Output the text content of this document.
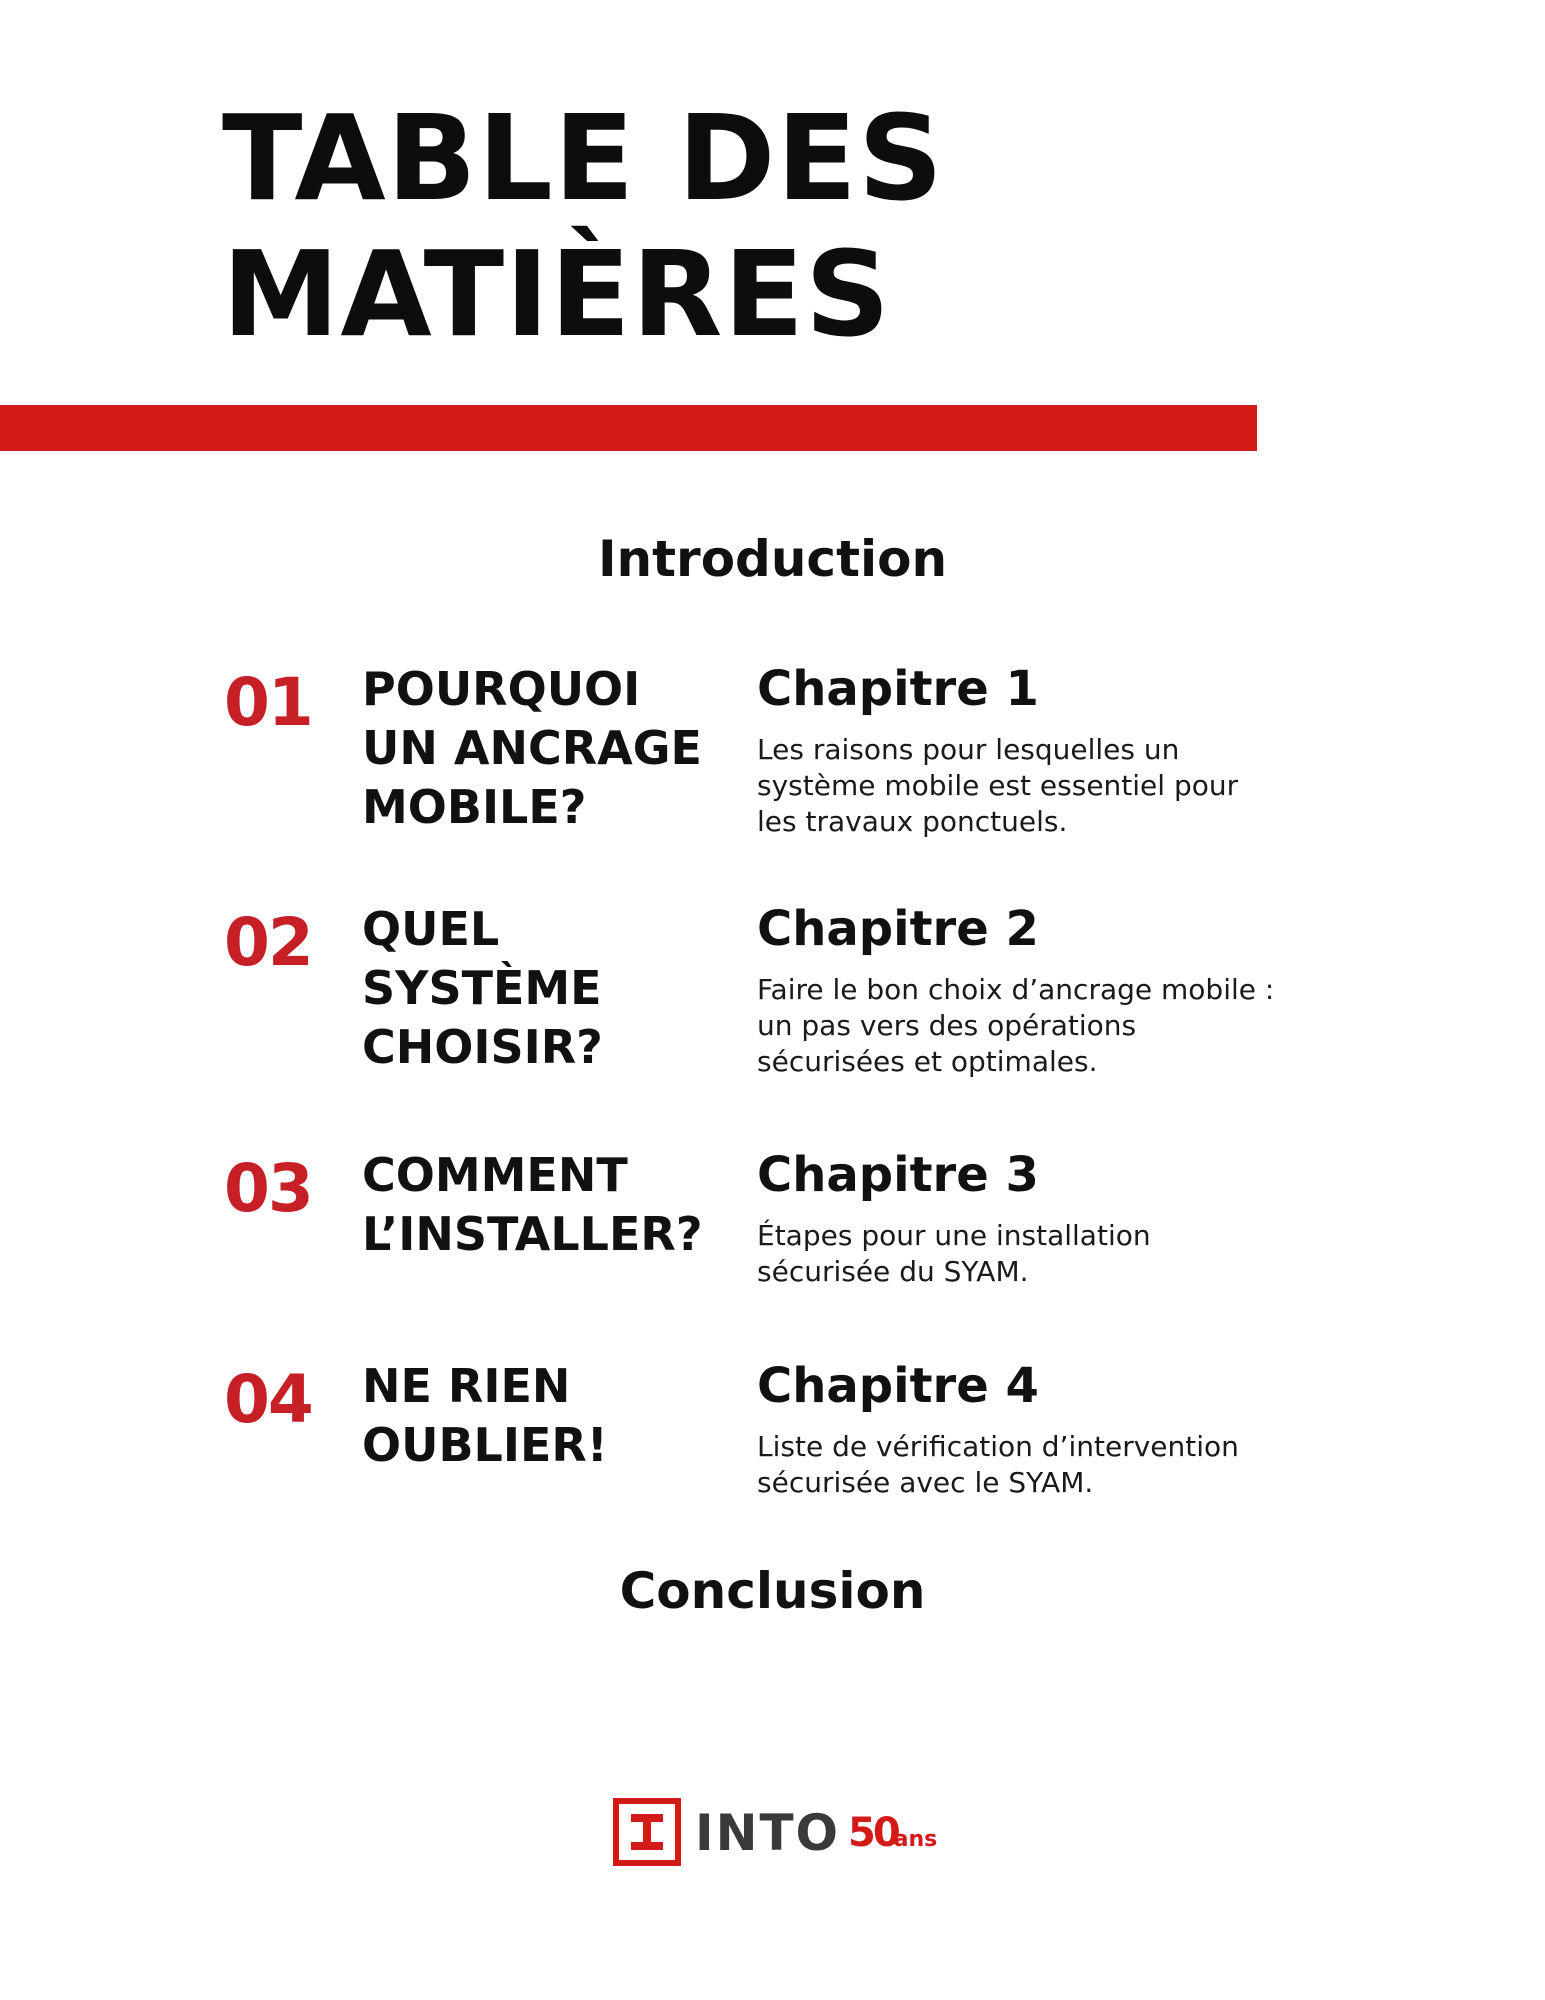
TABLE DES
MATIÈRES
Introduction
01 POURQUOI
UN ANCRAGE
MOBILE?
Chapitre 1
Les raisons pour lesquelles un
système mobile est essentiel pour
les travaux ponctuels.
02 QUEL
SYSTÈME
CHOISIR?
Chapitre 2
Faire le bon choix d’ancrage mobile :
un pas vers des opérations
sécurisées et optimales.
03 COMMENT
L’INSTALLER?
Chapitre 3
Étapes pour une installation
sécurisée du SYAM.
04 NE RIEN
OUBLIER!
Chapitre 4
Liste de vérification d’intervention
sécurisée avec le SYAM.
Conclusion
INTO 50ans
